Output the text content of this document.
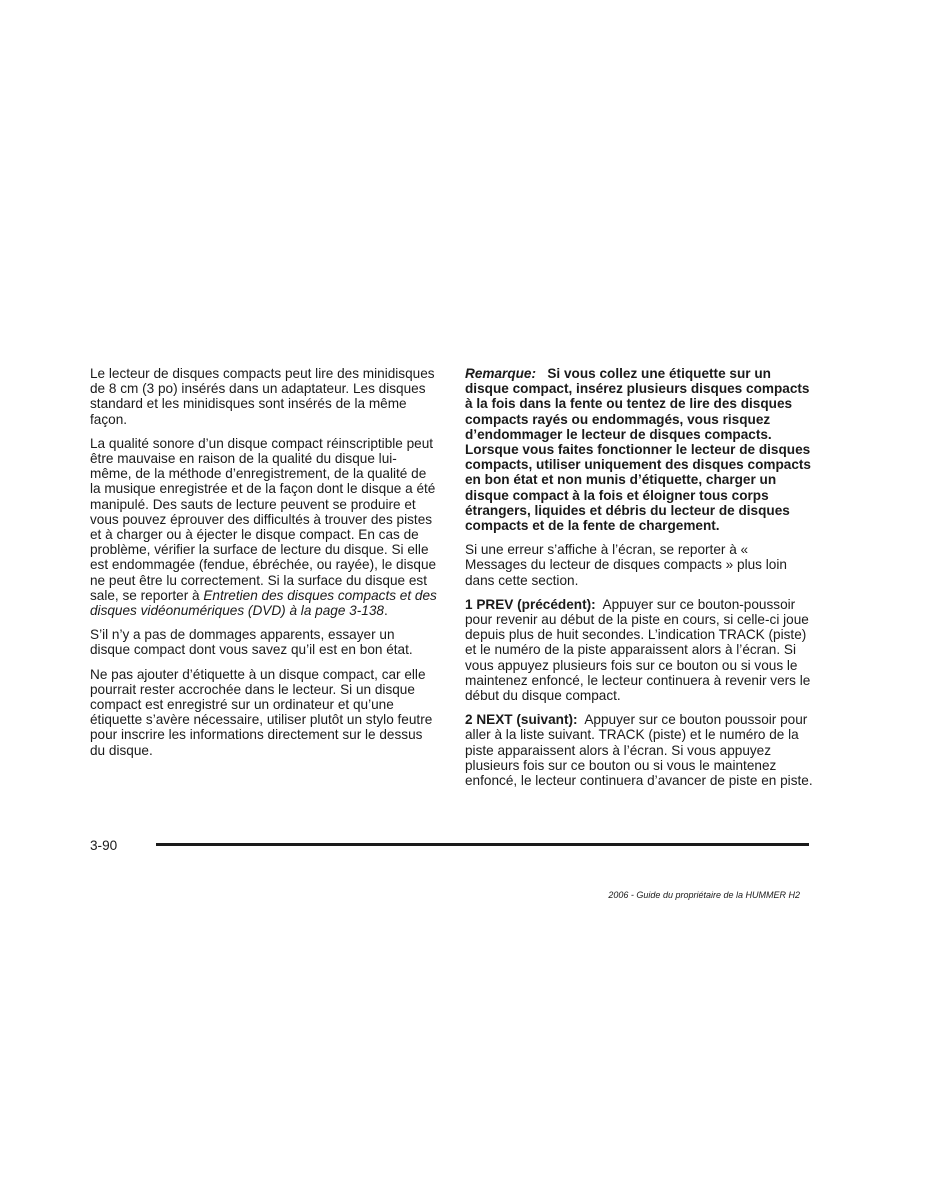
Le lecteur de disques compacts peut lire des minidisques de 8 cm (3 po) insérés dans un adaptateur. Les disques standard et les minidisques sont insérés de la même façon.

La qualité sonore d’un disque compact réinscriptible peut être mauvaise en raison de la qualité du disque lui-même, de la méthode d’enregistrement, de la qualité de la musique enregistrée et de la façon dont le disque a été manipulé. Des sauts de lecture peuvent se produire et vous pouvez éprouver des difficultés à trouver des pistes et à charger ou à éjecter le disque compact. En cas de problème, vérifier la surface de lecture du disque. Si elle est endommagée (fendue, ébréchée, ou rayée), le disque ne peut être lu correctement. Si la surface du disque est sale, se reporter à Entretien des disques compacts et des disques vidéonumériques (DVD) à la page 3-138.

S’il n’y a pas de dommages apparents, essayer un disque compact dont vous savez qu’il est en bon état.

Ne pas ajouter d’étiquette à un disque compact, car elle pourrait rester accrochée dans le lecteur. Si un disque compact est enregistré sur un ordinateur et qu’une étiquette s’avère nécessaire, utiliser plutôt un stylo feutre pour inscrire les informations directement sur le dessus du disque.

Remarque: Si vous collez une étiquette sur un disque compact, insérez plusieurs disques compacts à la fois dans la fente ou tentez de lire des disques compacts rayés ou endommagés, vous risquez d’endommager le lecteur de disques compacts. Lorsque vous faites fonctionner le lecteur de disques compacts, utiliser uniquement des disques compacts en bon état et non munis d’étiquette, charger un disque compact à la fois et éloigner tous corps étrangers, liquides et débris du lecteur de disques compacts et de la fente de chargement.

Si une erreur s’affiche à l’écran, se reporter à « Messages du lecteur de disques compacts » plus loin dans cette section.

1 PREV (précédent): Appuyer sur ce bouton-poussoir pour revenir au début de la piste en cours, si celle-ci joue depuis plus de huit secondes. L’indication TRACK (piste) et le numéro de la piste apparaissent alors à l’écran. Si vous appuyez plusieurs fois sur ce bouton ou si vous le maintenez enfoncé, le lecteur continuera à revenir vers le début du disque compact.

2 NEXT (suivant): Appuyer sur ce bouton poussoir pour aller à la liste suivant. TRACK (piste) et le numéro de la piste apparaissent alors à l’écran. Si vous appuyez plusieurs fois sur ce bouton ou si vous le maintenez enfoncé, le lecteur continuera d’avancer de piste en piste.

3-90
2006 - Guide du propriétaire de la HUMMER H2
